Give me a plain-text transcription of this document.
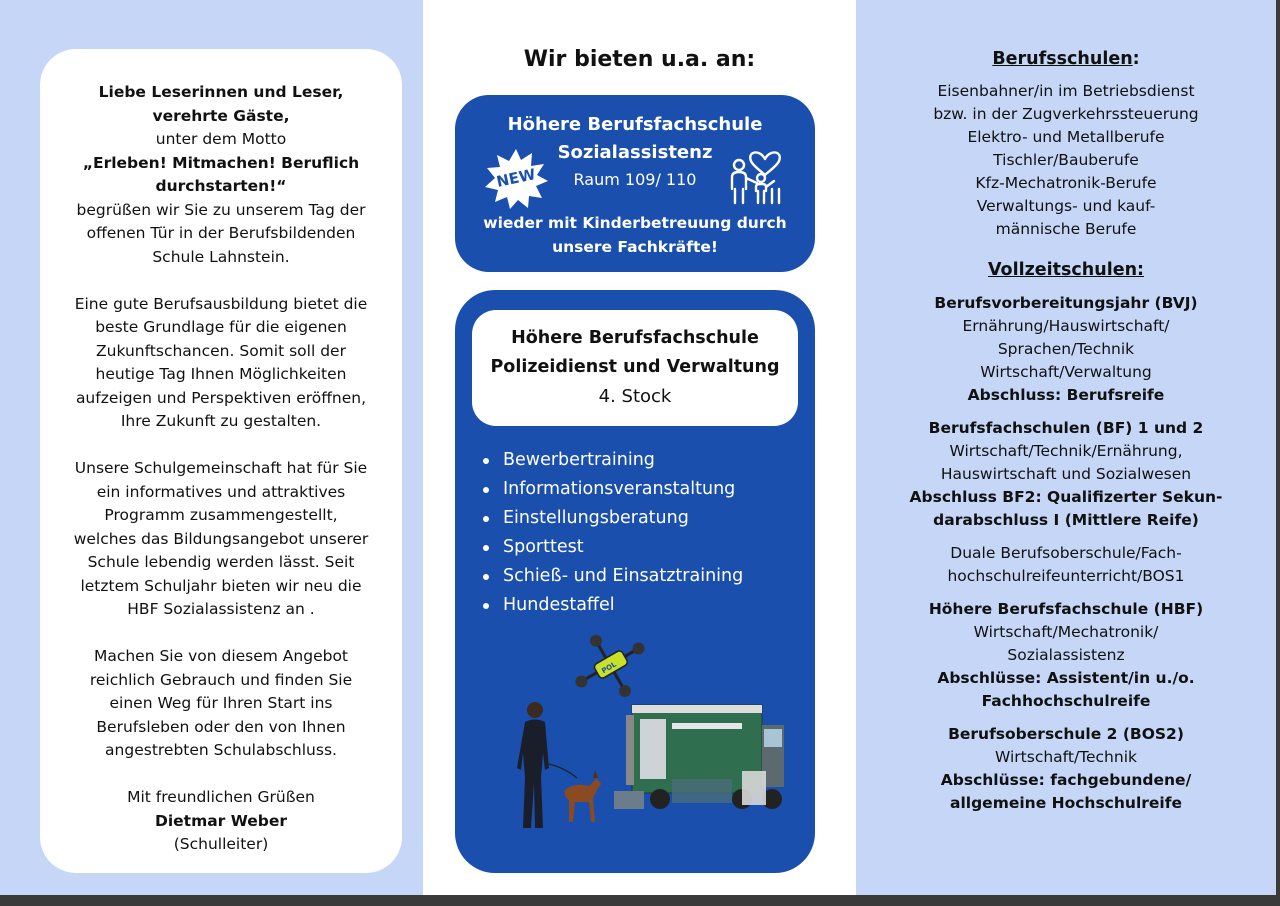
Liebe Leserinnen und Leser,
verehrte Gäste,
unter dem Motto
„Erleben! Mitmachen! Beruflich
durchstarten!“
begrüßen wir Sie zu unserem Tag der
offenen Tür in der Berufsbildenden
Schule Lahnstein.

Eine gute Berufsausbildung bietet die
beste Grundlage für die eigenen
Zukunftschancen. Somit soll der
heutige Tag Ihnen Möglichkeiten
aufzeigen und Perspektiven eröffnen,
Ihre Zukunft zu gestalten.

Unsere Schulgemeinschaft hat für Sie
ein informatives und attraktives
Programm zusammengestellt,
welches das Bildungsangebot unserer
Schule lebendig werden lässt. Seit
letztem Schuljahr bieten wir neu die
HBF Sozialassistenz an .

Machen Sie von diesem Angebot
reichlich Gebrauch und finden Sie
einen Weg für Ihren Start ins
Berufsleben oder den von Ihnen
angestrebten Schulabschluss.

Mit freundlichen Grüßen
Dietmar Weber
(Schulleiter)

Wir bieten u.a. an:	Berufsschulen:
Eisenbahner/in im Betriebsdienst
bzw. in der Zugverkehrssteuerung
Elektro- und Metallberufe
Tischler/Bauberufe
Kfz-Mechatronik-Berufe
Verwaltungs- und kauf-
männische Berufe
Vollzeitschulen:
Berufsvorbereitungsjahr (BVJ)
Ernährung/Hauswirtschaft/
Sprachen/Technik
Wirtschaft/Verwaltung
Abschluss: Berufsreife
Berufsfachschulen (BF) 1 und 2
Wirtschaft/Technik/Ernährung,
Hauswirtschaft und Sozialwesen
Abschluss BF2: Qualifizerter Sekun-
darabschluss I (Mittlere Reife)
Duale Berufsoberschule/Fach-
hochschulreifeunterricht/BOS1
Höhere Berufsfachschule (HBF)
Wirtschaft/Mechatronik/
Sozialassistenz
Abschlüsse: Assistent/in u./o.
Fachhochschulreife
Berufsoberschule 2 (BOS2)
Wirtschaft/Technik
Abschlüsse: fachgebundene/
allgemeine Hochschulreife
Höhere Berufsfachschule
Sozialassistenz
NEW	Raum 109/ 110
wieder mit Kinderbetreuung durch
unsere Fachkräfte!
Höhere Berufsfachschule
Polizeidienst und Verwaltung
4. Stock
Bewerbertraining
Informationsveranstaltung
Einstellungsberatung
Sporttest
Schieß- und Einsatztraining
Hundestaffel
POL
